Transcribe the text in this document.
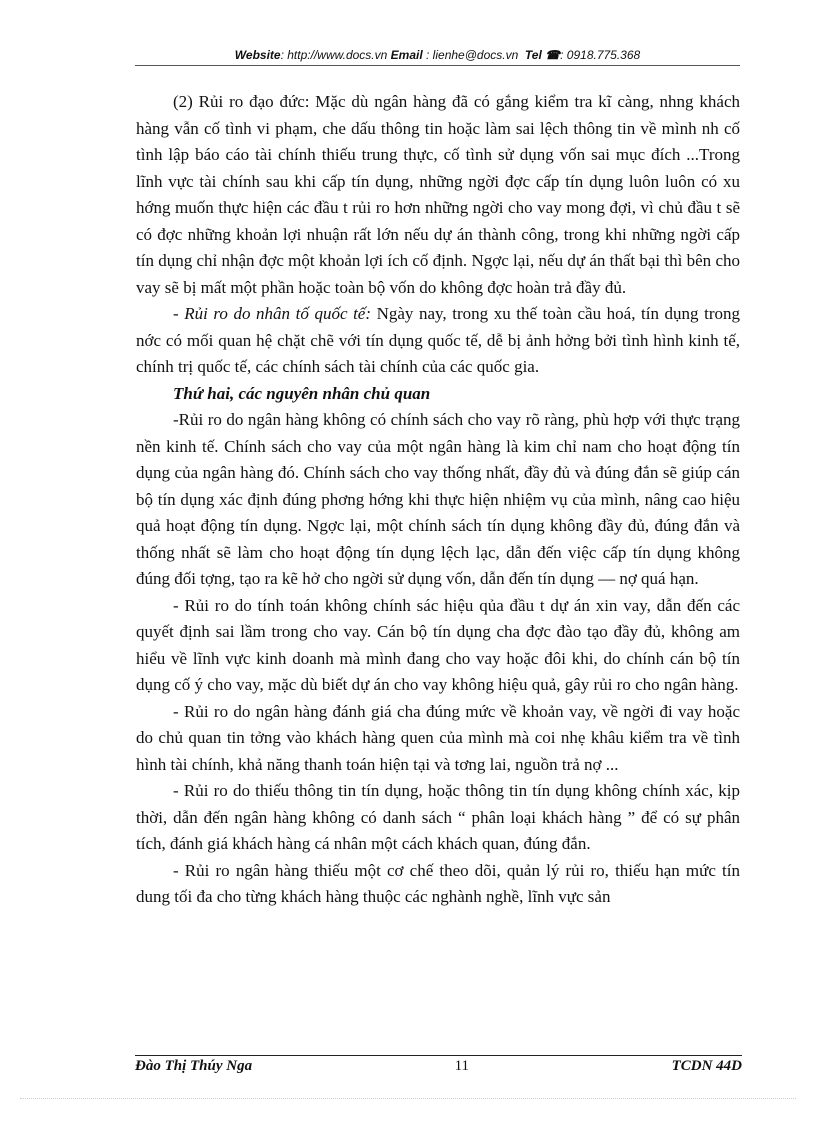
Website: http://www.docs.vn Email : lienhe@docs.vn Tel ☎: 0918.775.368

(2) Rủi ro đạo đức: Mặc dù ngân hàng đã có gắng kiểm tra kĩ càng, nhng khách hàng vẫn cố tình vi phạm, che dấu thông tin hoặc làm sai lệch thông tin về mình nh cố tình lập báo cáo tài chính thiếu trung thực, cố tình sử dụng vốn sai mục đích ...Trong lĩnh vực tài chính sau khi cấp tín dụng, những ngời đợc cấp tín dụng luôn luôn có xu hớng muốn thực hiện các đầu t rủi ro hơn những ngời cho vay mong đợi, vì chủ đầu t sẽ có đợc những khoản lợi nhuận rất lớn nếu dự án thành công, trong khi những ngời cấp tín dụng chỉ nhận đợc một khoản lợi ích cố định. Ngợc lại, nếu dự án thất bại thì bên cho vay sẽ bị mất một phần hoặc toàn bộ vốn do không đợc hoàn trả đầy đủ.

- Rủi ro do nhân tố quốc tế: Ngày nay, trong xu thế toàn cầu hoá, tín dụng trong nớc có mối quan hệ chặt chẽ với tín dụng quốc tế, dễ bị ảnh hởng bởi tình hình kinh tế, chính trị quốc tế, các chính sách tài chính của các quốc gia.

Thứ hai, các nguyên nhân chủ quan

-Rủi ro do ngân hàng không có chính sách cho vay rõ ràng, phù hợp với thực trạng nền kinh tế. Chính sách cho vay của một ngân hàng là kim chỉ nam cho hoạt động tín dụng của ngân hàng đó. Chính sách cho vay thống nhất, đầy đủ và đúng đắn sẽ giúp cán bộ tín dụng xác định đúng phơng hớng khi thực hiện nhiệm vụ của mình, nâng cao hiệu quả hoạt động tín dụng. Ngợc lại, một chính sách tín dụng không đầy đủ, đúng đắn và thống nhất sẽ làm cho hoạt động tín dụng lệch lạc, dẫn đến việc cấp tín dụng không đúng đối tợng, tạo ra kẽ hở cho ngời sử dụng vốn, dẫn đến tín dụng — nợ quá hạn.

- Rủi ro do tính toán không chính sác hiệu qủa đầu t dự án xin vay, dẫn đến các quyết định sai lầm trong cho vay. Cán bộ tín dụng cha đợc đào tạo đầy đủ, không am hiểu về lĩnh vực kinh doanh mà mình đang cho vay hoặc đôi khi, do chính cán bộ tín dụng cố ý cho vay, mặc dù biết dự án cho vay không hiệu quả, gây rủi ro cho ngân hàng.

- Rủi ro do ngân hàng đánh giá cha đúng mức về khoản vay, về ngời đi vay hoặc do chủ quan tin tởng vào khách hàng quen của mình mà coi nhẹ khâu kiểm tra về tình hình tài chính, khả năng thanh toán hiện tại và tơng lai, nguồn trả nợ ...

- Rủi ro do thiếu thông tin tín dụng, hoặc thông tin tín dụng không chính xác, kịp thời, dẫn đến ngân hàng không có danh sách “ phân loại khách hàng ” để có sự phân tích, đánh giá khách hàng cá nhân một cách khách quan, đúng đắn.

- Rủi ro ngân hàng thiếu một cơ chế theo dõi, quản lý rủi ro, thiếu hạn mức tín dung tối đa cho từng khách hàng thuộc các nghành nghề, lĩnh vực sản

Đào Thị Thúy Nga	11	TCDN 44D
